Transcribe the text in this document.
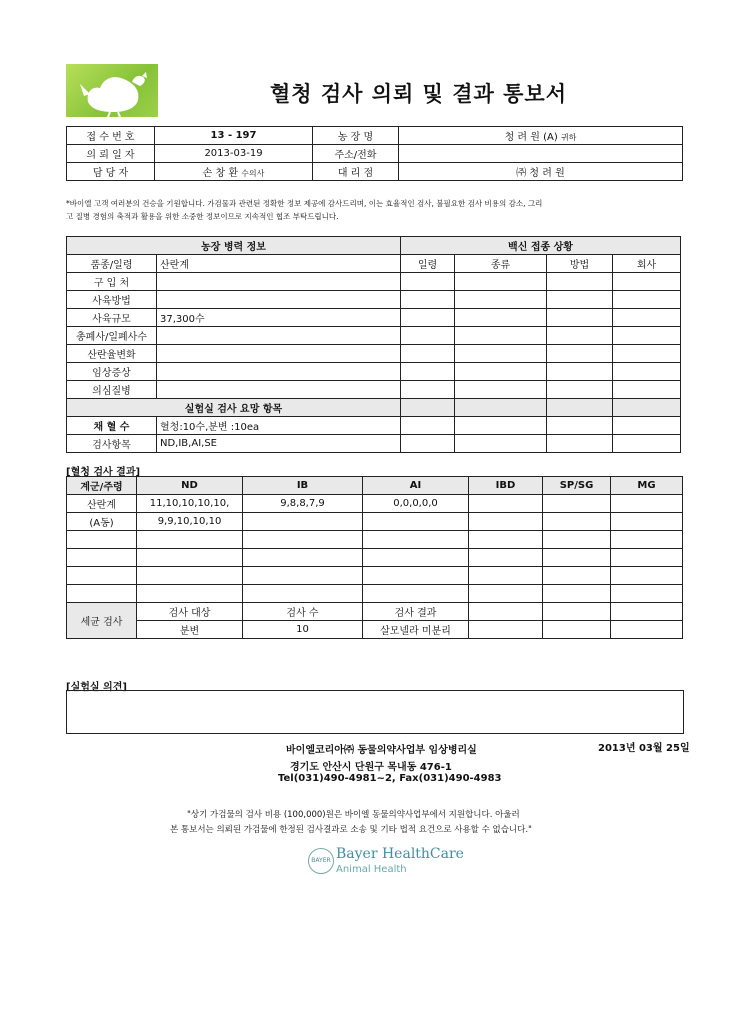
혈청 검사 의뢰 및 결과 통보서
접 수 번 호	13 - 197	농 장 명	청 려 원 (A) 귀하
의 뢰 일 자	2013-03-19	주소/전화	
담 당 자	손 창 환 수의사	대 리 점	㈜ 청 려 원
*바이엘 고객 여러분의 건승을 기원합니다. 가검물과 관련된 정확한 정보 제공에 감사드리며, 이는 효율적인 검사, 불필요한 검사 비용의 감소, 그리
고 질병 경험의 축적과 활용을 위한 소중한 정보이므로 지속적인 협조 부탁드립니다.
농장 병력 정보		백신 접종 상황			
품종/일령	산란계	일령	종류	방법	회사
구 입 처					
사육방법					
사육규모	37,300수				
총폐사/일폐사수					
산란율변화					
임상증상					
의심질병					
실험실 검사 요망 항목					
채 혈 수	혈청:10수,분변 :10ea				
검사항목	ND,IB,AI,SE				
[혈청 검사 결과]
계군/주령	ND	IB	AI	IBD	SP/SG	MG
산란계	11,10,10,10,10,	9,8,8,7,9	0,0,0,0,0			
(A동)	9,9,10,10,10					

세균 검사	검사 대상	검사 수	검사 결과			
	분변	10	살모넬라 미분리			
[실험실 의견]
바이엘코리아㈜ 동물의약사업부 임상병리실	2013년 03월 25일
경기도 안산시 단원구 목내동 476-1
Tel(031)490-4981~2, Fax(031)490-4983
"상기 가검물의 검사 비용 (100,000)원은 바이엘 동물의약사업부에서 지원합니다. 아울러
본 통보서는 의뢰된 가검물에 한정된 검사결과로 소송 및 기타 법적 요건으로 사용할 수 없습니다."
BAYER Bayer HealthCare
Animal Health
